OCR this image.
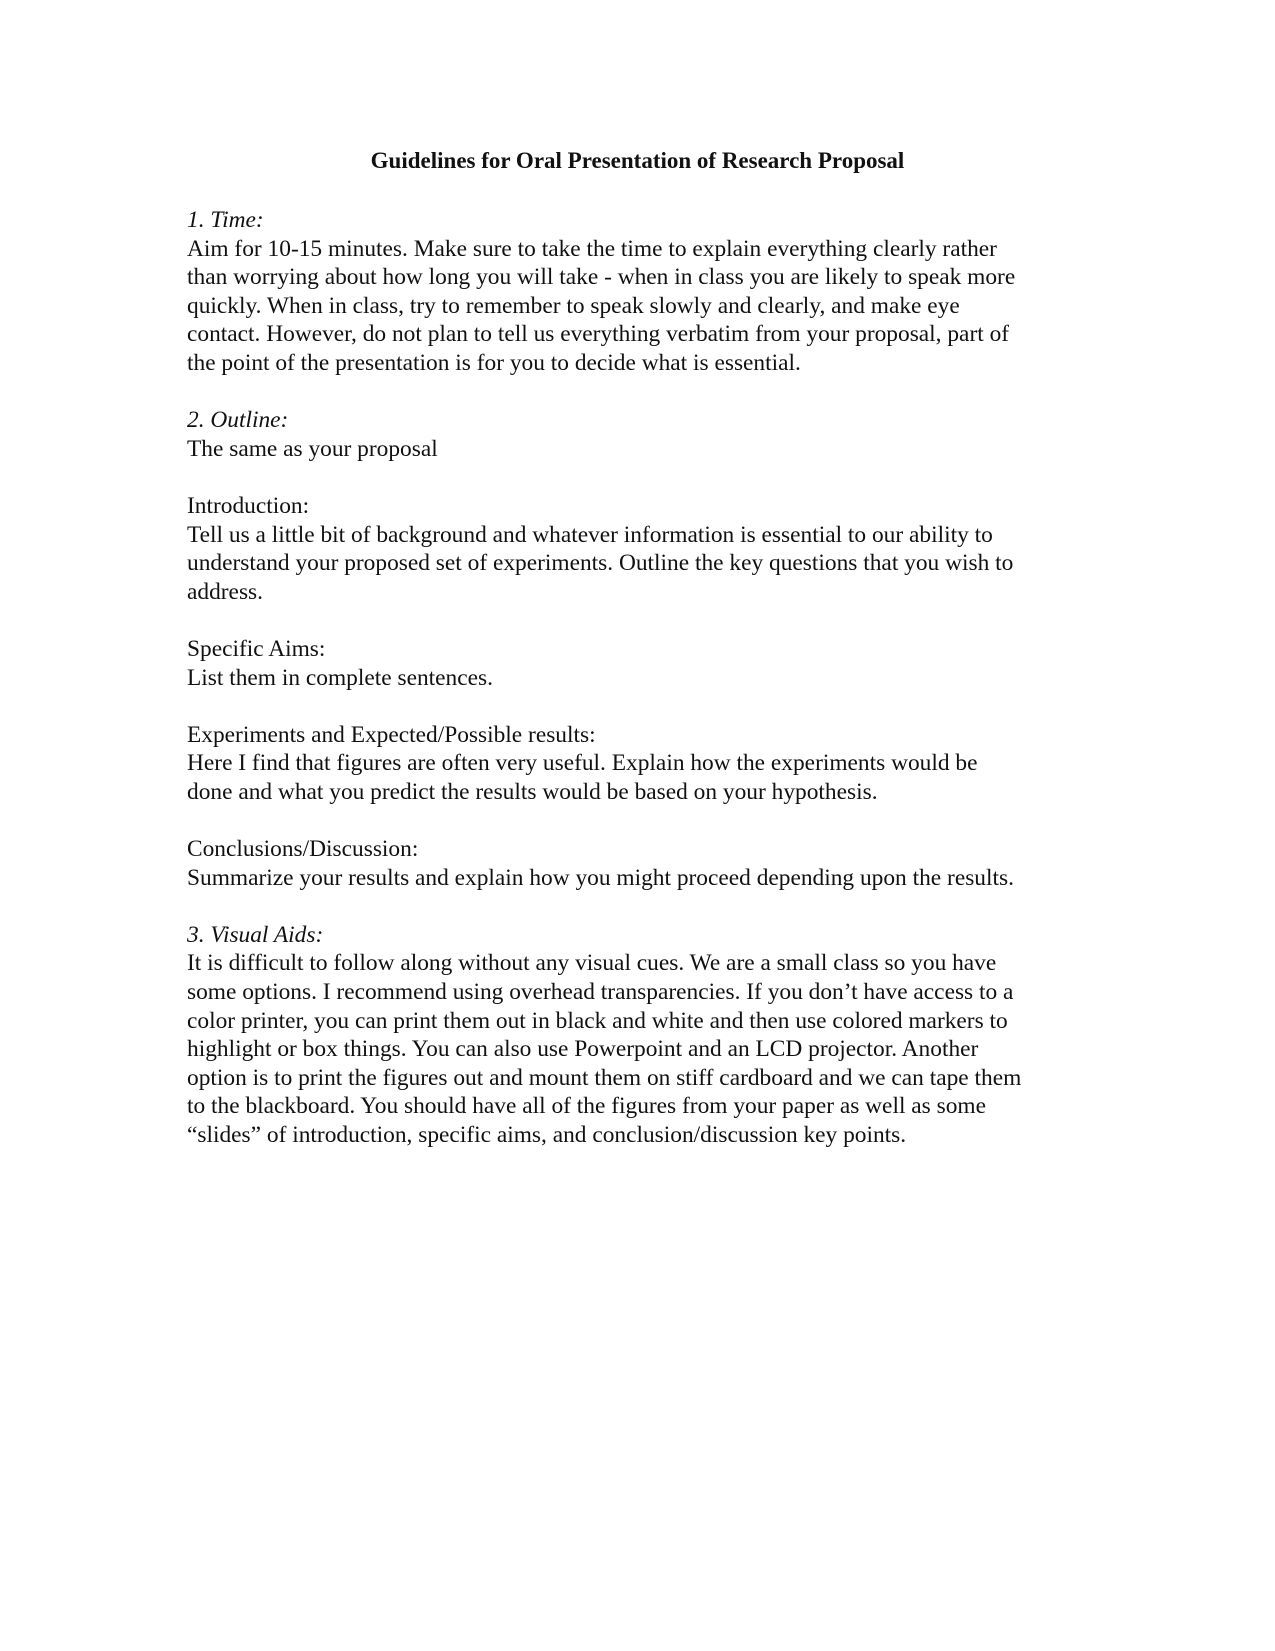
Guidelines for Oral Presentation of Research Proposal
1. Time:
Aim for 10-15 minutes. Make sure to take the time to explain everything clearly rather
than worrying about how long you will take - when in class you are likely to speak more
quickly. When in class, try to remember to speak slowly and clearly, and make eye
contact. However, do not plan to tell us everything verbatim from your proposal, part of
the point of the presentation is for you to decide what is essential.
2. Outline:
The same as your proposal
Introduction:
Tell us a little bit of background and whatever information is essential to our ability to
understand your proposed set of experiments. Outline the key questions that you wish to
address.
Specific Aims:
List them in complete sentences.
Experiments and Expected/Possible results:
Here I find that figures are often very useful. Explain how the experiments would be
done and what you predict the results would be based on your hypothesis.
Conclusions/Discussion:
Summarize your results and explain how you might proceed depending upon the results.
3. Visual Aids:
It is difficult to follow along without any visual cues. We are a small class so you have
some options. I recommend using overhead transparencies. If you don’t have access to a
color printer, you can print them out in black and white and then use colored markers to
highlight or box things. You can also use Powerpoint and an LCD projector. Another
option is to print the figures out and mount them on stiff cardboard and we can tape them
to the blackboard. You should have all of the figures from your paper as well as some
“slides” of introduction, specific aims, and conclusion/discussion key points.
